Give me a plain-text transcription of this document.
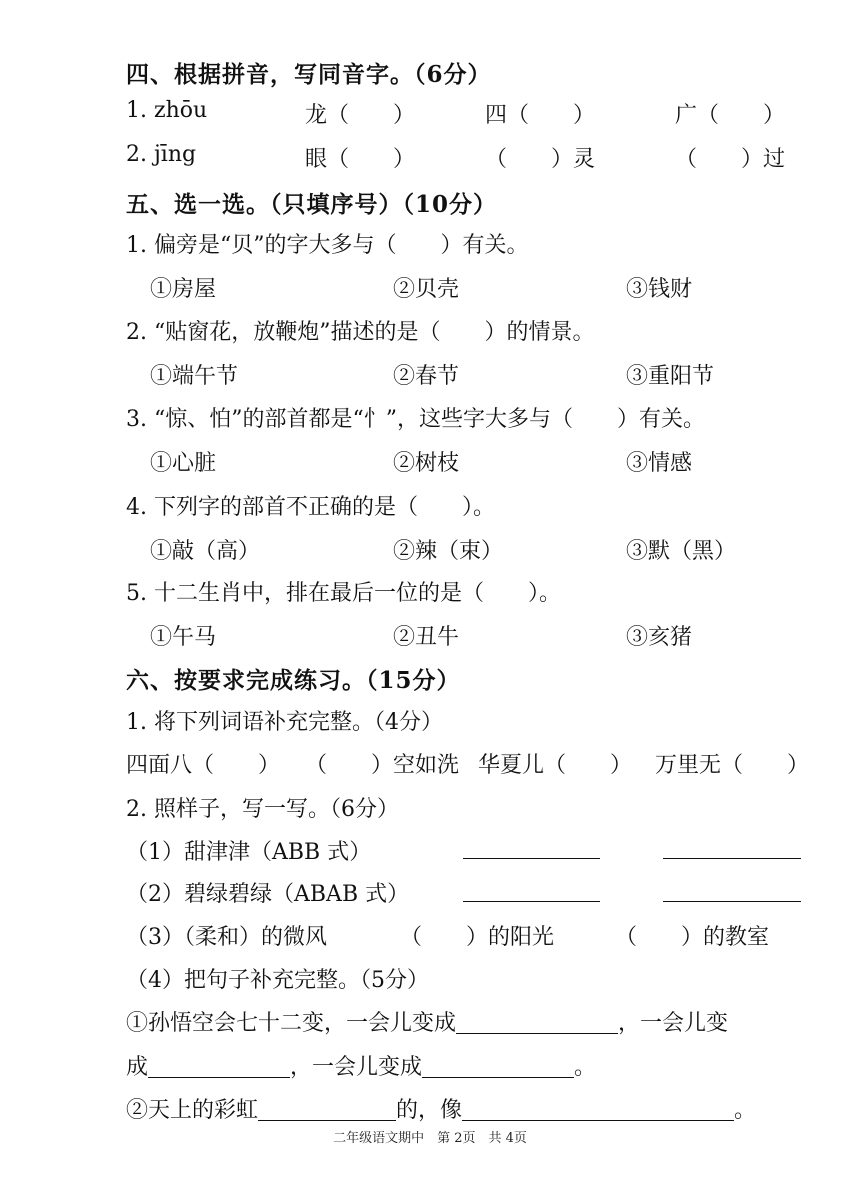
四、根据拼音，写同音字。（6分）
1. zhōu	龙（　　）	四（　　）	广（　　）
2. jīng	眼（　　）	（　　）灵	（　　）过
五、选一选。（只填序号）（10分）
1. 偏旁是“贝”的字大多与（　　）有关。
①房屋	②贝壳	③钱财
2. “贴窗花，放鞭炮”描述的是（　　）的情景。
①端午节	②春节	③重阳节
3. “惊、怕”的部首都是“忄”，这些字大多与（　　）有关。
①心脏	②树枝	③情感
4. 下列字的部首不正确的是（　　）。
①敲（高）	②辣（束）	③默（黑）
5. 十二生肖中，排在最后一位的是（　　）。
①午马	②丑牛	③亥猪
六、按要求完成练习。（15分）
1. 将下列词语补充完整。（4分）
四面八（　　） （　　）空如洗 华夏儿（　　） 万里无（　　）
2. 照样子，写一写。（6分）
（1）甜津津（ABB 式）
（2）碧绿碧绿（ABAB 式）
（3）（柔和）的微风	（　　）的阳光	（　　）的教室
（4）把句子补充完整。（5分）
①孙悟空会七十二变，一会儿变成	，一会儿变
成	，一会儿变成	。
②天上的彩虹	的，像	。
二年级语文期中　第 2页　共 4页
